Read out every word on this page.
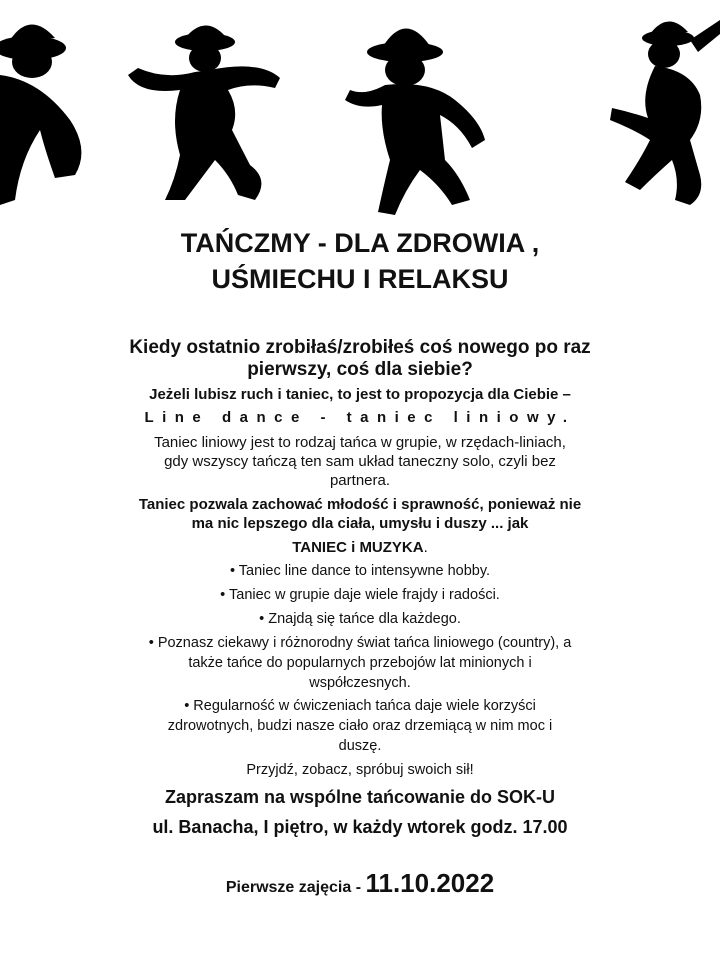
TAŃCZMY - DLA ZDROWIA ,
UŚMIECHU I RELAKSU
Kiedy ostatnio zrobiłaś/zrobiłeś coś nowego po raz
pierwszy, coś dla siebie?
Jeżeli lubisz ruch i taniec, to jest to propozycja dla Ciebie –
Line dance - taniec liniowy.
Taniec liniowy jest to rodzaj tańca w grupie, w rzędach-liniach,
gdy wszyscy tańczą ten sam układ taneczny solo, czyli bez
partnera.
Taniec pozwala zachować młodość i sprawność, ponieważ nie
ma nic lepszego dla ciała, umysłu i duszy ... jak
TANIEC i MUZYKA.
• Taniec line dance to intensywne hobby.
• Taniec w grupie daje wiele frajdy i radości.
• Znajdą się tańce dla każdego.
• Poznasz ciekawy i różnorodny świat tańca liniowego (country), a
także tańce do popularnych przebojów lat minionych i
współczesnych.
• Regularność w ćwiczeniach tańca daje wiele korzyści
zdrowotnych, budzi nasze ciało oraz drzemiącą w nim moc i
duszę.
Przyjdź, zobacz, spróbuj swoich sił!
Zapraszam na wspólne tańcowanie do SOK-U
ul. Banacha, I piętro, w każdy wtorek godz. 17.00
Pierwsze zajęcia - 11.10.2022
